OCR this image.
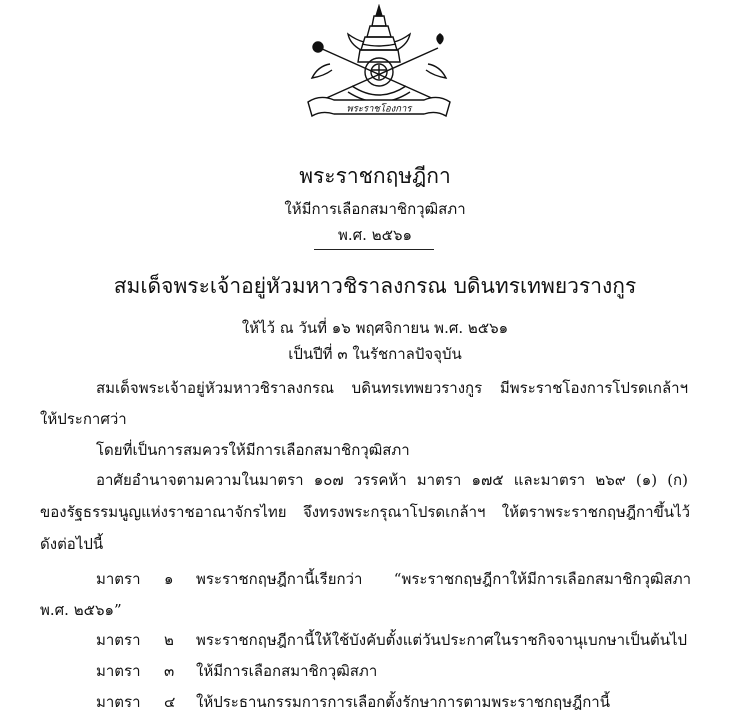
พระราชโองการ
พระราชกฤษฎีกา
ให้มีการเลือกสมาชิกวุฒิสภา
พ.ศ. ๒๕๖๑
สมเด็จพระเจ้าอยู่หัวมหาวชิราลงกรณ บดินทรเทพยวรางกูร
ให้ไว้ ณ วันที่ ๑๖ พฤศจิกายน พ.ศ. ๒๕๖๑
เป็นปีที่ ๓ ในรัชกาลปัจจุบัน
สมเด็จพระเจ้าอยู่หัวมหาวชิราลงกรณ บดินทรเทพยวรางกูร มีพระราชโองการโปรดเกล้าฯ
ให้ประกาศว่า
โดยที่เป็นการสมควรให้มีการเลือกสมาชิกวุฒิสภา
อาศัยอำนาจตามความในมาตรา ๑๐๗ วรรคห้า มาตรา ๑๗๕ และมาตรา ๒๖๙ (๑) (ก)
ของรัฐธรรมนูญแห่งราชอาณาจักรไทย จึงทรงพระกรุณาโปรดเกล้าฯ ให้ตราพระราชกฤษฎีกาขึ้นไว้
ดังต่อไปนี้
มาตรา ๑ พระราชกฤษฎีกานี้เรียกว่า “พระราชกฤษฎีกาให้มีการเลือกสมาชิกวุฒิสภา
พ.ศ. ๒๕๖๑”
มาตรา ๒ พระราชกฤษฎีกานี้ให้ใช้บังคับตั้งแต่วันประกาศในราชกิจจานุเบกษาเป็นต้นไป
มาตรา ๓ ให้มีการเลือกสมาชิกวุฒิสภา
มาตรา ๔ ให้ประธานกรรมการการเลือกตั้งรักษาการตามพระราชกฤษฎีกานี้
